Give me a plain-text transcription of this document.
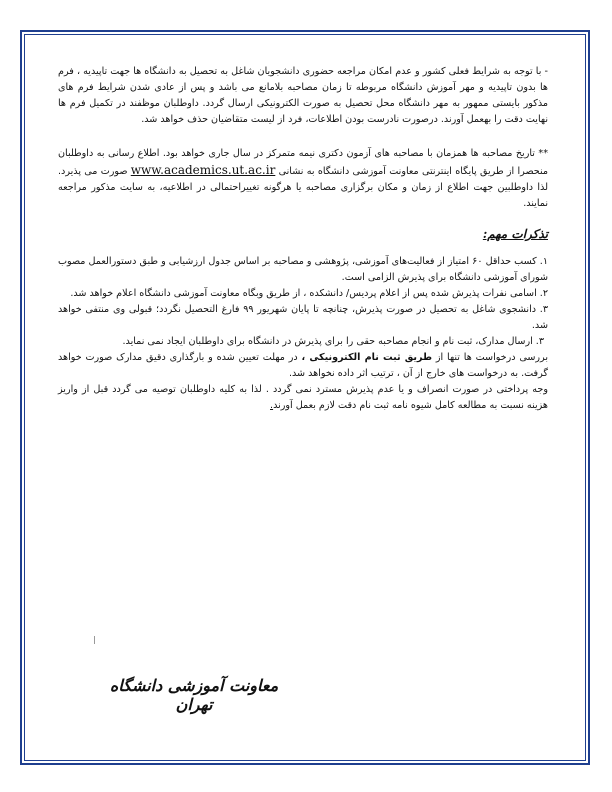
- با توجه به شرایط فعلی کشور و عدم امکان مراجعه حضوری دانشجویان شاغل به تحصیل به دانشگاه ها جهت تاپیدیه ، فرم ها بدون تاپیدیه و مهر آموزش دانشگاه مربوطه تا زمان مصاحبه بلامانع می باشد و پس از عادی شدن شرایط فرم های مذکور بایستی ممهور به مهر دانشگاه محل تحصیل به صورت الکترونیکی ارسال گردد. داوطلبان موظفند در تکمیل فرم ها نهایت دقت را بهعمل آورند. درصورت نادرست بودن اطلاعات، فرد از لیست متقاضیان حذف خواهد شد.

** تاریخ مصاحبه ها همزمان با مصاحبه های آزمون دکتری نیمه متمرکز در سال جاری خواهد بود. اطلاع رسانی به داوطلبان منحصرا از طریق پایگاه اینترنتی معاونت آموزشی دانشگاه به نشانی www.academics.ut.ac.ir صورت می پذیرد. لذا داوطلبین جهت اطلاع از زمان و مکان برگزاری مصاحبه یا هرگونه تغییراحتمالی در اطلاعیه، به سایت مذکور مراجعه نمایند.

تذکرات مهم:

۱. کسب حداقل ۶۰ امتیاز از فعالیت‌های آموزشی، پژوهشی و مصاحبه بر اساس جدول ارزشیابی و طبق دستورالعمل مصوب شورای آموزشی دانشگاه برای پذیرش الزامی است.

۲. اسامی نفرات پذیرش شده پس از اعلام پردیس/ دانشکده ، از طریق وبگاه معاونت آموزشی دانشگاه اعلام خواهد شد.

۳. دانشجوی شاغل به تحصیل در صورت پذیرش، چنانچه تا پایان شهریور ۹۹ فارغ التحصیل نگردد؛ قبولی وی منتفی خواهد شد.

۳. ارسال مدارک، ثبت نام و انجام مصاحبه حقی را برای پذیرش در دانشگاه برای داوطلبان ایجاد نمی نماید.

بررسی درخواست ها تنها از طریق ثبت نام الکترونیکی ، در مهلت تعیین شده و بارگذاری دقیق مدارک صورت خواهد گرفت. به درخواست های خارج از آن ، ترتیب اثر داده نخواهد شد.

وجه پرداختی در صورت انصراف و یا عدم پذیرش مسترد نمی گردد . لذا به کلیه داوطلبان توصیه می گردد قبل از واریز هزینه نسبت به مطالعه کامل شیوه نامه ثبت نام دقت لازم بعمل آورند.

معاونت آموزشی دانشگاه تهران
